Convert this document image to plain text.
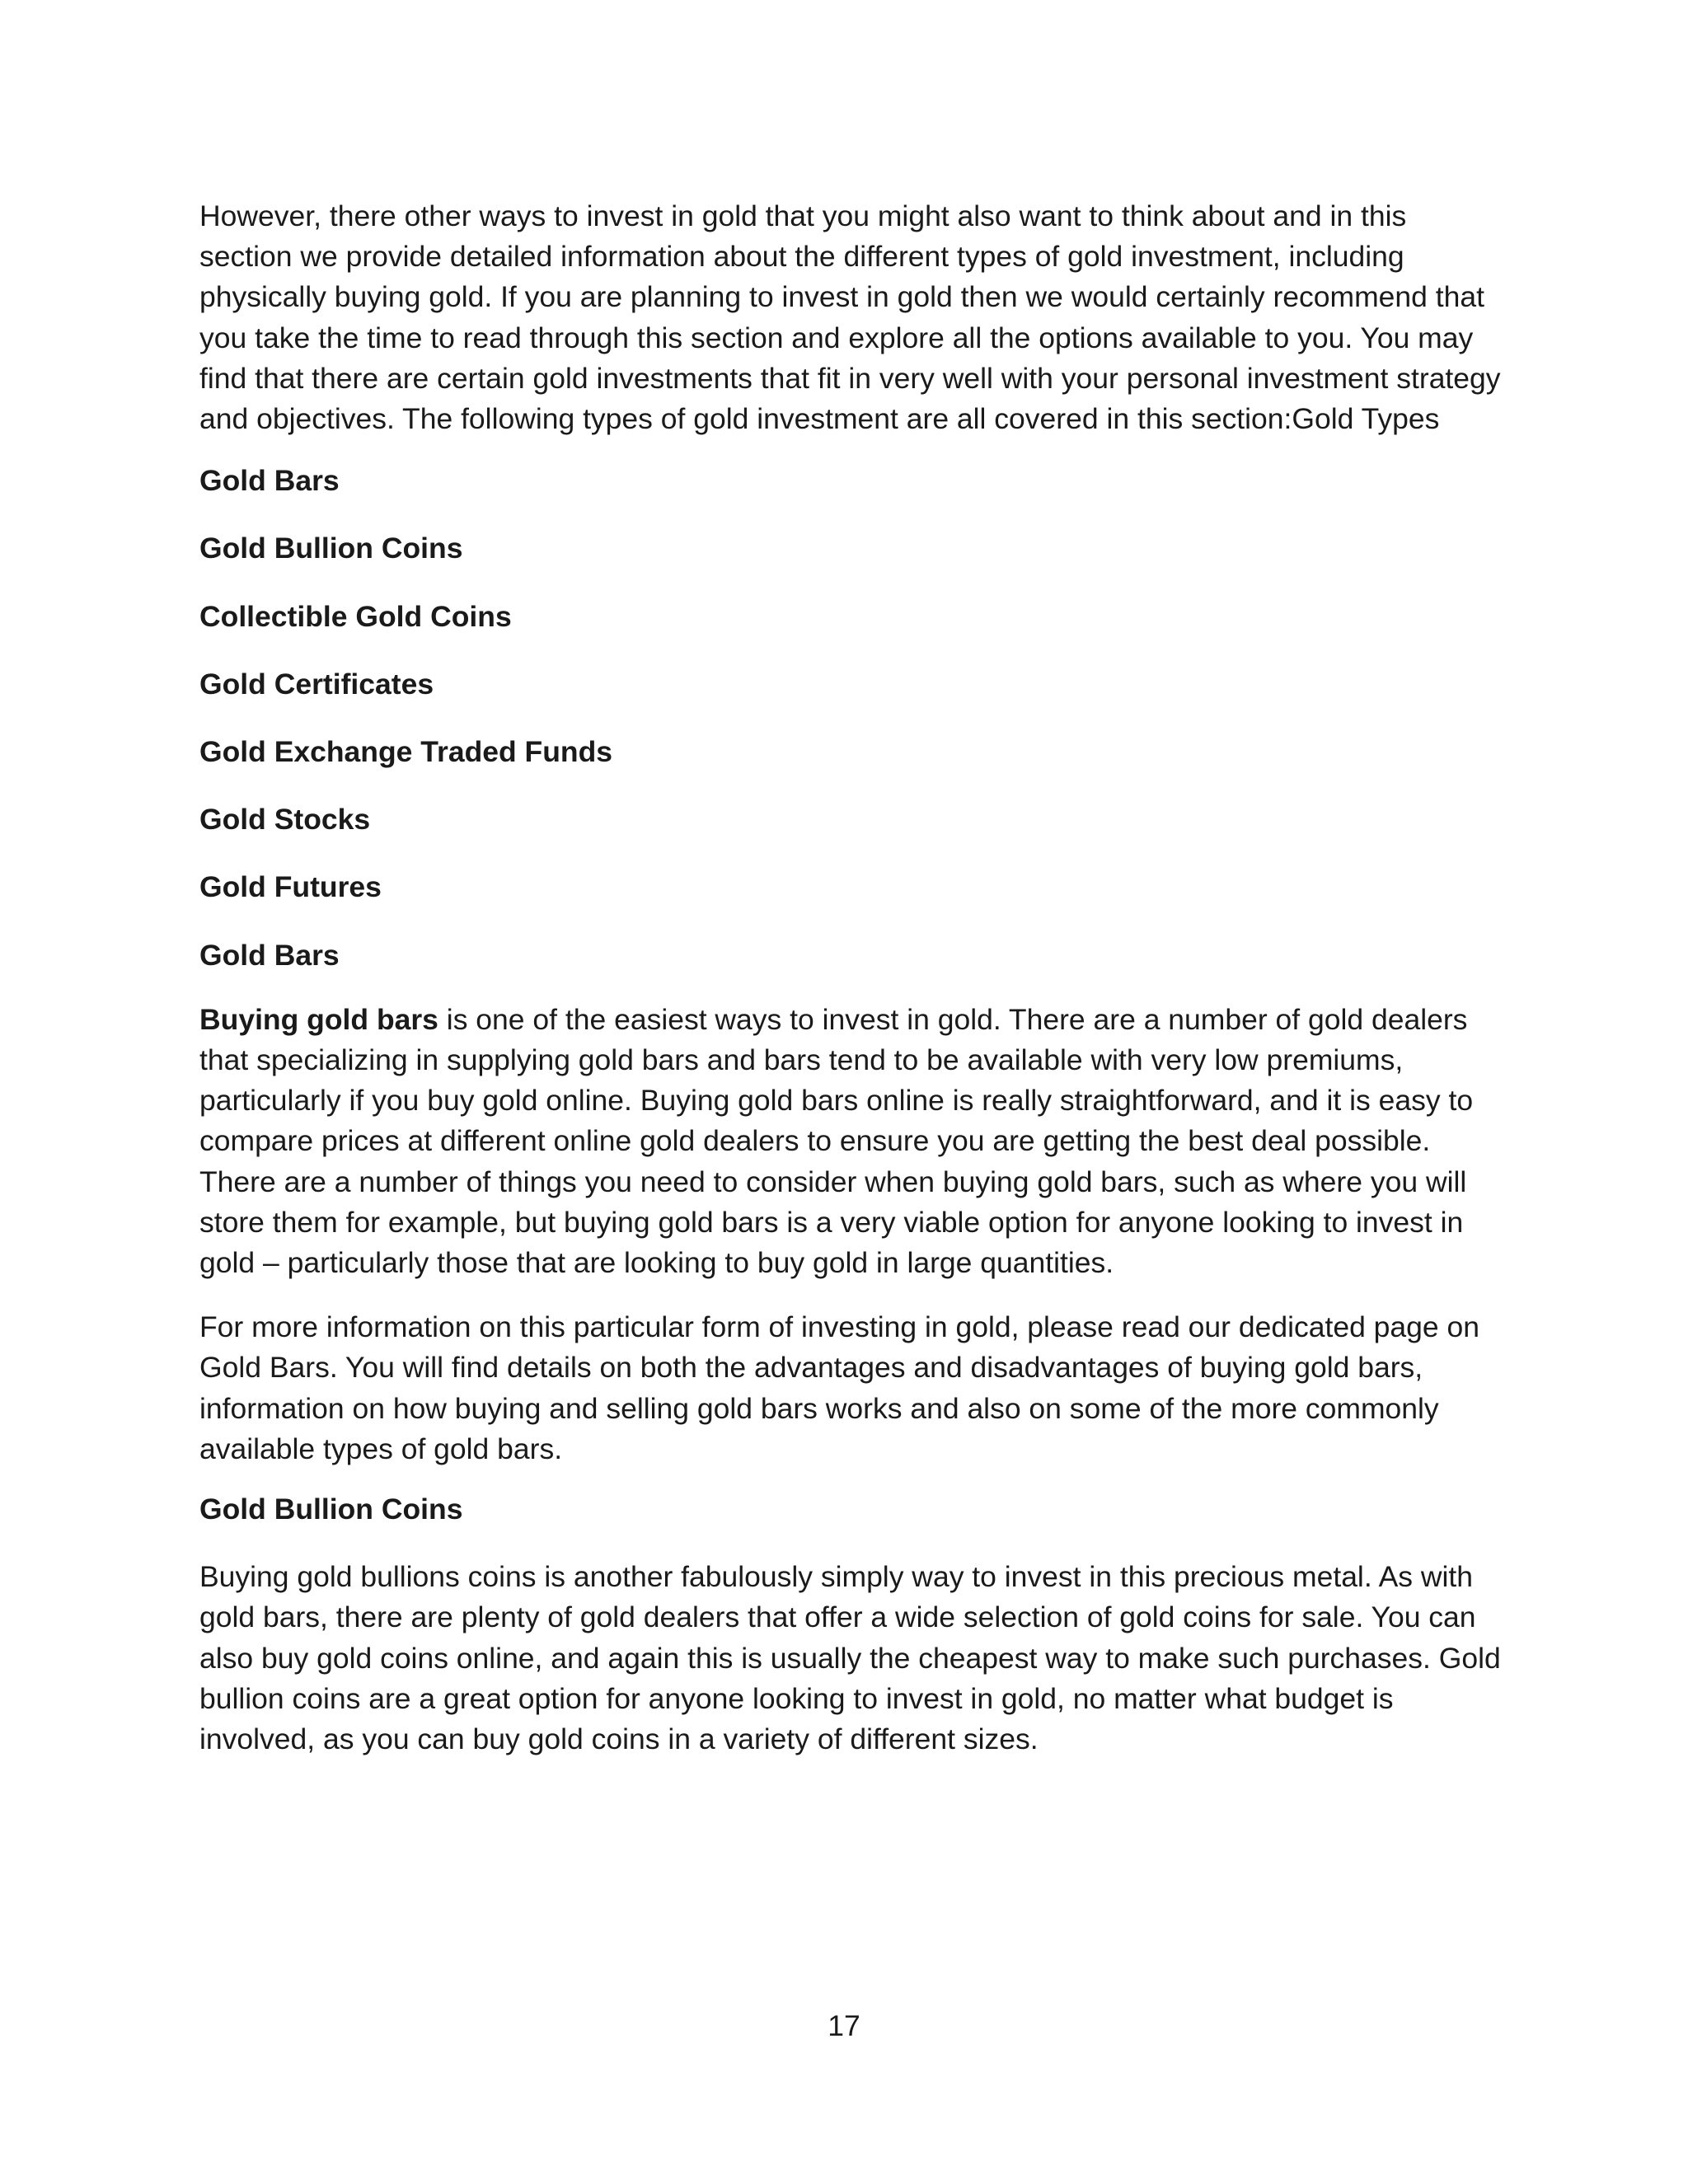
However, there other ways to invest in gold that you might also want to think about and in this section we provide detailed information about the different types of gold investment, including physically buying gold. If you are planning to invest in gold then we would certainly recommend that you take the time to read through this section and explore all the options available to you. You may find that there are certain gold investments that fit in very well with your personal investment strategy and objectives. The following types of gold investment are all covered in this section:Gold Types

Gold Bars

Gold Bullion Coins

Collectible Gold Coins

Gold Certificates

Gold Exchange Traded Funds

Gold Stocks

Gold Futures

Gold Bars

Buying gold bars is one of the easiest ways to invest in gold. There are a number of gold dealers that specializing in supplying gold bars and bars tend to be available with very low premiums, particularly if you buy gold online. Buying gold bars online is really straightforward, and it is easy to compare prices at different online gold dealers to ensure you are getting the best deal possible. There are a number of things you need to consider when buying gold bars, such as where you will store them for example, but buying gold bars is a very viable option for anyone looking to invest in gold – particularly those that are looking to buy gold in large quantities.

For more information on this particular form of investing in gold, please read our dedicated page on Gold Bars. You will find details on both the advantages and disadvantages of buying gold bars, information on how buying and selling gold bars works and also on some of the more commonly available types of gold bars.

Gold Bullion Coins

Buying gold bullions coins is another fabulously simply way to invest in this precious metal. As with gold bars, there are plenty of gold dealers that offer a wide selection of gold coins for sale. You can also buy gold coins online, and again this is usually the cheapest way to make such purchases. Gold bullion coins are a great option for anyone looking to invest in gold, no matter what budget is involved, as you can buy gold coins in a variety of different sizes.

17
